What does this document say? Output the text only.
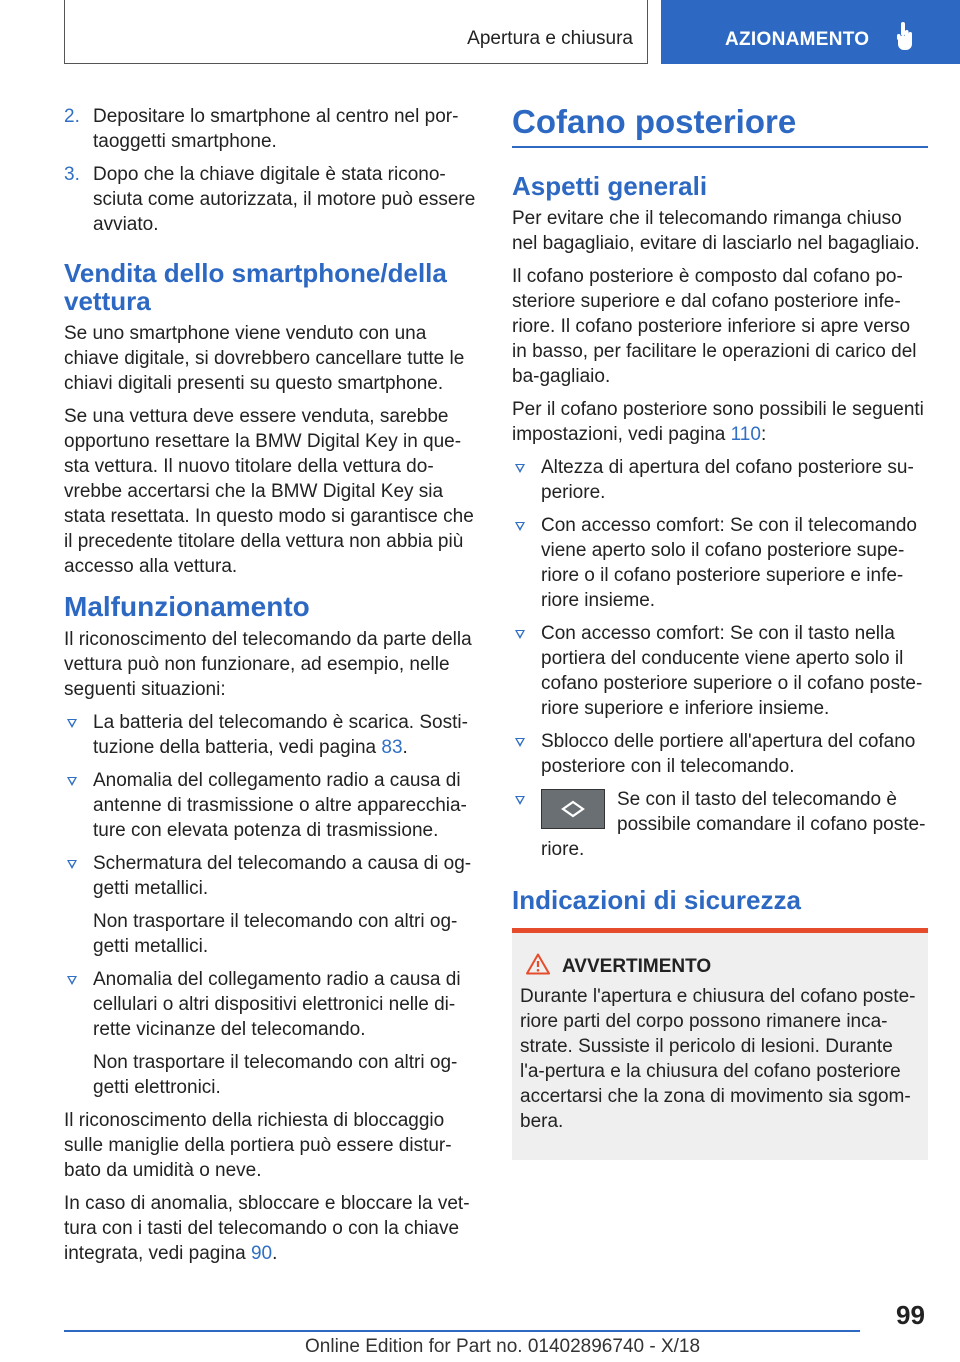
Apertura e chiusura	AZIONAMENTO
2. Depositare lo smartphone al centro nel por-taoggetti smartphone.
3. Dopo che la chiave digitale è stata ricono-sciuta come autorizzata, il motore può essere avviato.
Vendita dello smartphone/della vettura

Se uno smartphone viene venduto con una chiave digitale, si dovrebbero cancellare tutte le chiavi digitali presenti su questo smartphone.

Se una vettura deve essere venduta, sarebbe opportuno resettare la BMW Digital Key in que-sta vettura. Il nuovo titolare della vettura do-vrebbe accertarsi che la BMW Digital Key sia stata resettata. In questo modo si garantisce che il precedente titolare della vettura non abbia più accesso alla vettura.

Malfunzionamento

Il riconoscimento del telecomando da parte della vettura può non funzionare, ad esempio, nelle seguenti situazioni:

La batteria del telecomando è scarica. Sosti-tuzione della batteria, vedi pagina 83.
Anomalia del collegamento radio a causa di antenne di trasmissione o altre apparecchia-ture con elevata potenza di trasmissione.
Schermatura del telecomando a causa di og-getti metallici.
Non trasportare il telecomando con altri og-getti metallici.
Anomalia del collegamento radio a causa di cellulari o altri dispositivi elettronici nelle di-rette vicinanze del telecomando.
Non trasportare il telecomando con altri og-getti elettronici.

Il riconoscimento della richiesta di bloccaggio sulle maniglie della portiera può essere distur-bato da umidità o neve.

In caso di anomalia, sbloccare e bloccare la vet-tura con i tasti del telecomando o con la chiave integrata, vedi pagina 90.

Cofano posteriore
Aspetti generali

Per evitare che il telecomando rimanga chiuso nel bagagliaio, evitare di lasciarlo nel bagagliaio.

Il cofano posteriore è composto dal cofano po-steriore superiore e dal cofano posteriore infe-riore. Il cofano posteriore inferiore si apre verso in basso, per facilitare le operazioni di carico del ba-gagliaio.

Per il cofano posteriore sono possibili le seguenti impostazioni, vedi pagina 110:

Altezza di apertura del cofano posteriore su-periore.
Con accesso comfort: Se con il telecomando viene aperto solo il cofano posteriore supe-riore o il cofano posteriore superiore e infe-riore insieme.
Con accesso comfort: Se con il tasto nella portiera del conducente viene aperto solo il cofano posteriore superiore o il cofano poste-riore superiore e inferiore insieme.
Sblocco delle portiere all'apertura del cofano posteriore con il telecomando.
Se con il tasto del telecomando è possibile comandare il cofano poste-riore.
Indicazioni di sicurezza
AVVERTIMENTO

Durante l'apertura e chiusura del cofano poste-riore parti del corpo possono rimanere inca-strate. Sussiste il pericolo di lesioni. Durante l'a-pertura e la chiusura del cofano posteriore accertarsi che la zona di movimento sia sgom-bera.

99
Online Edition for Part no. 01402896740 - X/18
